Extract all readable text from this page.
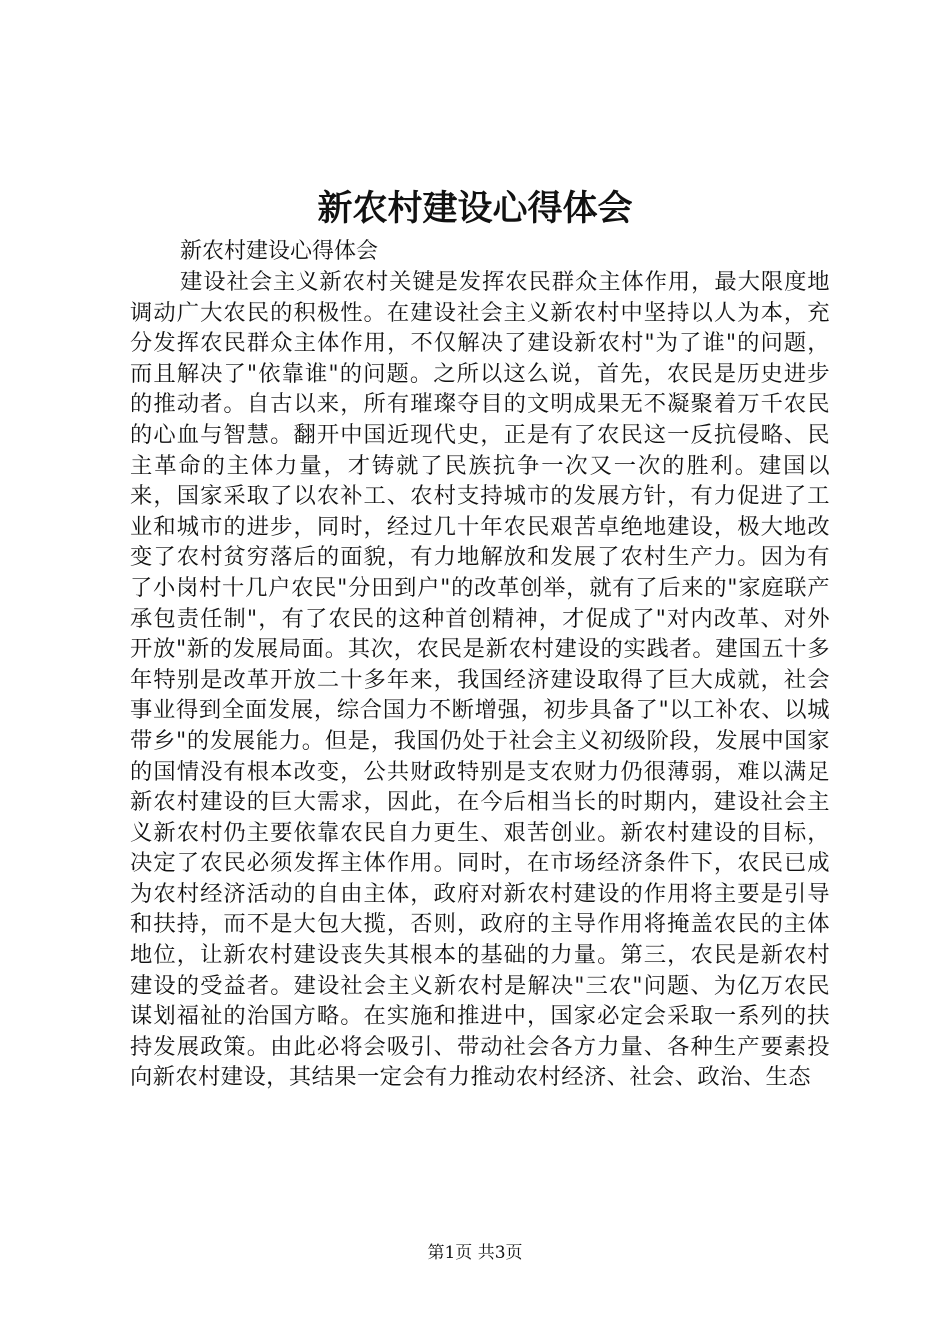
新农村建设心得体会

新农村建设心得体会

建设社会主义新农村关键是发挥农民群众主体作用，最大限度地调动广大农民的积极性。在建设社会主义新农村中坚持以人为本，充分发挥农民群众主体作用，不仅解决了建设新农村"为了谁"的问题，而且解决了"依靠谁"的问题。之所以这么说，首先，农民是历史进步的推动者。自古以来，所有璀璨夺目的文明成果无不凝聚着万千农民的心血与智慧。翻开中国近现代史，正是有了农民这一反抗侵略、民主革命的主体力量，才铸就了民族抗争一次又一次的胜利。建国以来，国家采取了以农补工、农村支持城市的发展方针，有力促进了工业和城市的进步，同时，经过几十年农民艰苦卓绝地建设，极大地改变了农村贫穷落后的面貌，有力地解放和发展了农村生产力。因为有了小岗村十几户农民"分田到户"的改革创举，就有了后来的"家庭联产承包责任制"，有了农民的这种首创精神，才促成了"对内改革、对外开放"新的发展局面。其次，农民是新农村建设的实践者。建国五十多年特别是改革开放二十多年来，我国经济建设取得了巨大成就，社会事业得到全面发展，综合国力不断增强，初步具备了"以工补农、以城带乡"的发展能力。但是，我国仍处于社会主义初级阶段，发展中国家的国情没有根本改变，公共财政特别是支农财力仍很薄弱，难以满足新农村建设的巨大需求，因此，在今后相当长的时期内，建设社会主义新农村仍主要依靠农民自力更生、艰苦创业。新农村建设的目标，决定了农民必须发挥主体作用。同时，在市场经济条件下，农民已成为农村经济活动的自由主体，政府对新农村建设的作用将主要是引导和扶持，而不是大包大揽，否则，政府的主导作用将掩盖农民的主体地位，让新农村建设丧失其根本的基础的力量。第三，农民是新农村建设的受益者。建设社会主义新农村是解决"三农"问题、为亿万农民谋划福祉的治国方略。在实施和推进中，国家必定会采取一系列的扶持发展政策。由此必将会吸引、带动社会各方力量、各种生产要素投向新农村建设，其结果一定会有力推动农村经济、社会、政治、生态

第1页 共3页
